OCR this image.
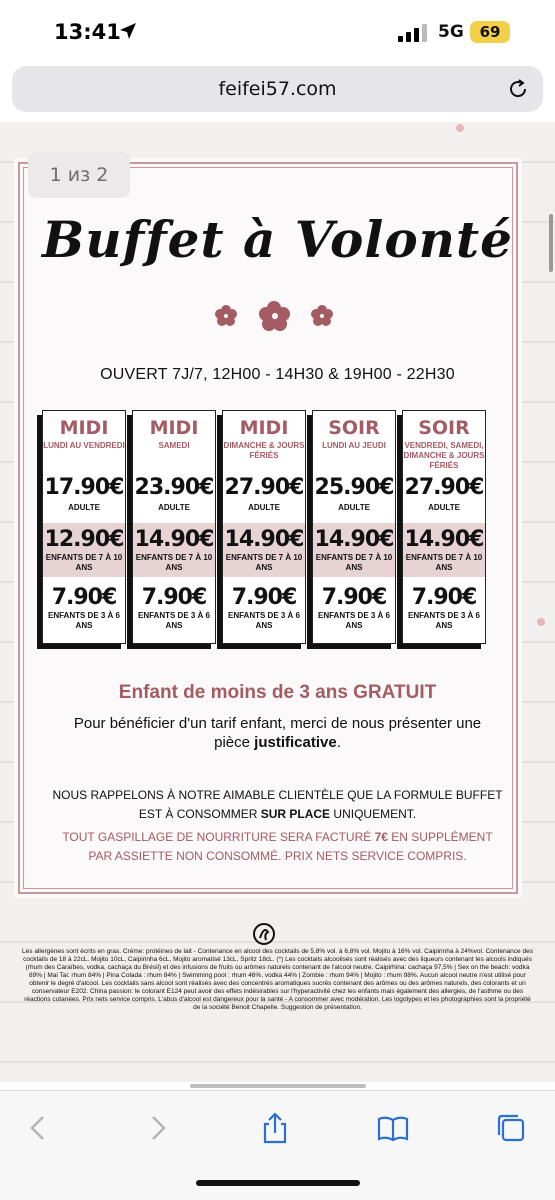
13:41	5G	69
feifei57.com
1 из 2
Buffet à Volonté
OUVERT 7J/7, 12H00 - 14H30 & 19H00 - 22H30
MIDI
LUNDI AU VENDREDI
17.90€
ADULTE
12.90€
ENFANTS DE 7 À 10 ANS
7.90€
ENFANTS DE 3 À 6 ANS
MIDI
SAMEDI
23.90€
ADULTE
14.90€
ENFANTS DE 7 À 10 ANS
7.90€
ENFANTS DE 3 À 6 ANS
MIDI
DIMANCHE & JOURS FÉRIÉS
27.90€
ADULTE
14.90€
ENFANTS DE 7 À 10 ANS
7.90€
ENFANTS DE 3 À 6 ANS
SOIR
LUNDI AU JEUDI
25.90€
ADULTE
14.90€
ENFANTS DE 7 À 10 ANS
7.90€
ENFANTS DE 3 À 6 ANS
SOIR
VENDREDI, SAMEDI, DIMANCHE & JOURS FÉRIÉS
27.90€
ADULTE
14.90€
ENFANTS DE 7 À 10 ANS
7.90€
ENFANTS DE 3 À 6 ANS
Enfant de moins de 3 ans GRATUIT
Pour bénéficier d'un tarif enfant, merci de nous présenter une pièce justificative.
NOUS RAPPELONS À NOTRE AIMABLE CLIENTÈLE QUE LA FORMULE BUFFET EST À CONSOMMER SUR PLACE UNIQUEMENT.
TOUT GASPILLAGE DE NOURRITURE SERA FACTURÉ 7€ EN SUPPLÉMENT PAR ASSIETTE NON CONSOMMÉ. PRIX NETS SERVICE COMPRIS.
Les allergènes sont écrits en gras. Crème: protéines de lait - Contenance en alcool des cocktails de 5,8% vol. à 6,8% vol. Mojito à 16% vol. Caipirinha à 24%vol. Contenance des cocktails de 18 à 22cL. Mojito 10cL, Caipirinha 6cL, Mojito aromatisé 13cL, Spritz 18cL. (*) Les cocktails alcoolisés sont réalisés avec des liqueurs contenant les alcools indiqués (rhum des Caraïbes, vodka, cachaça du Brésil) et des infusions de fruits ou arômes naturels contenant de l'alcool neutre. Caipirhina: cachaça 97,5% | Sex on the beach: vodka 89% | Mai Tai: rhum 84% | Pina Colada : rhum 84% | Swimming pool : rhum 46%, vodka 44% | Zombie : rhum 94% | Mojito : rhum 98%. Aucun alcool neutre n'est utilisé pour obtenir le degré d'alcool. Les cocktails sans alcool sont réalisés avec des concentrés aromatiques sucrés contenant des arômes ou des arômes naturels, des colorants et un conservateur E202. China passion: le colorant E124 peut avoir des effets indésirables sur l'hyperactivité chez les enfants mais également des allergies, de l'asthme ou des réactions cutanées. Prix nets service compris. L'abus d'alcool est dangereux pour la santé - A consommer avec modération. Les logotypes et les photographies sont la propriété de la société Benoit Chapelle. Suggestion de présentation.
